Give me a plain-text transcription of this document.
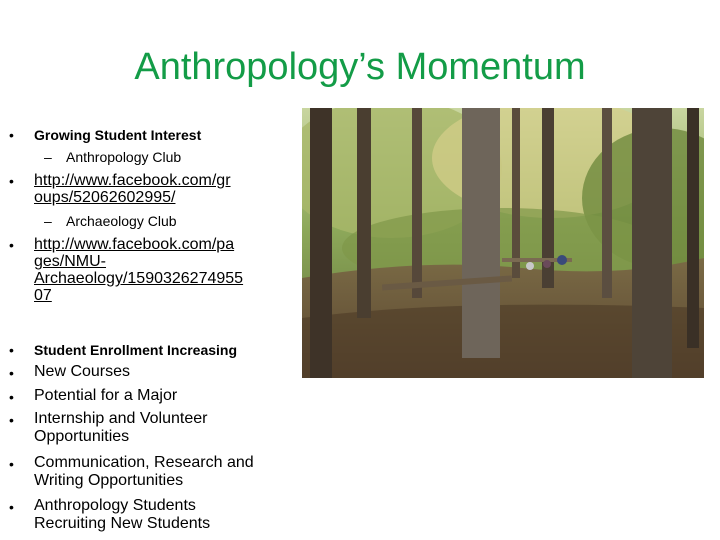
Anthropology’s Momentum
• Growing Student Interest
– Anthropology Club
• http://www.facebook.com/gr
oups/52062602995/
– Archaeology Club
• http://www.facebook.com/pa
ges/NMU-
Archaeology/1590326274955
07
• Student Enrollment Increasing
• New Courses
• Potential for a Major
• Internship and Volunteer
Opportunities
• Communication, Research and
Writing Opportunities
• Anthropology Students
Recruiting New Students
